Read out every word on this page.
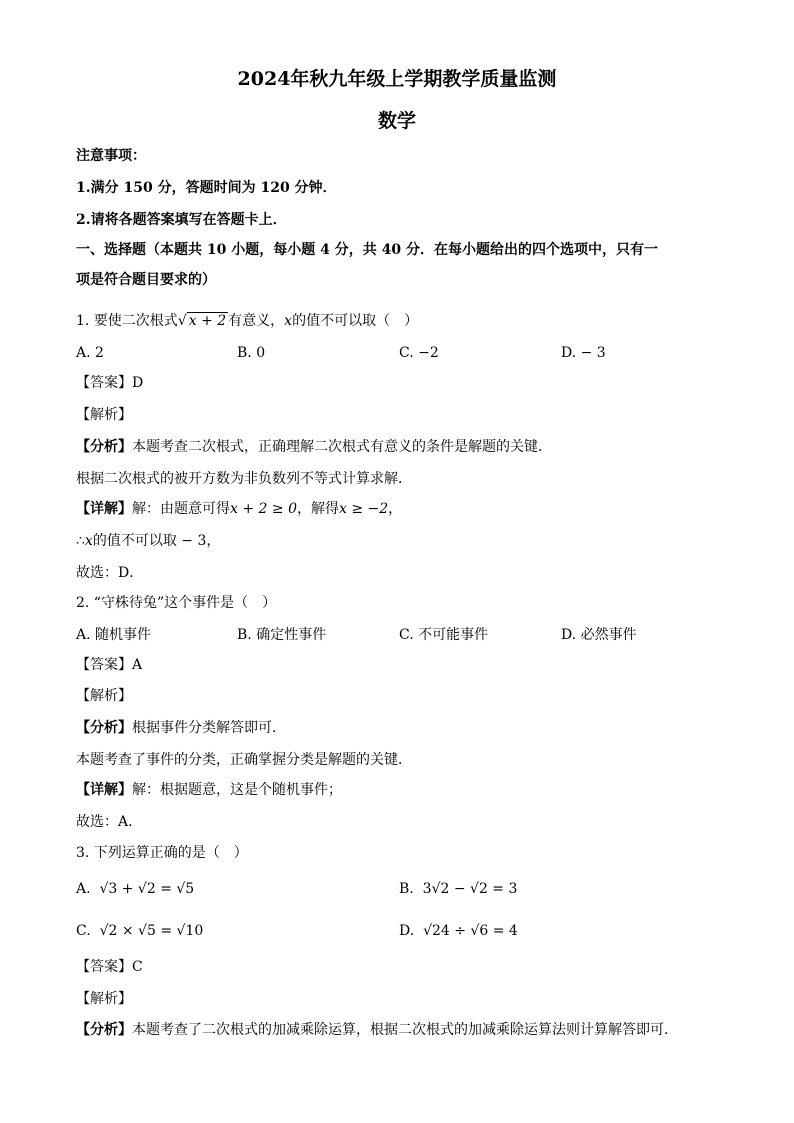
2024年秋九年级上学期教学质量监测
数学
注意事项：
1.满分 150 分，答题时间为 120 分钟．
2.请将各题答案填写在答题卡上．
一、选择题（本题共 10 小题，每小题 4 分，共 40 分．在每小题给出的四个选项中，只有一
项是符合题目要求的）
1. 要使二次根式√ x + 2 有意义，x的值不可以取（　）
A. 2	B. 0	C. −2	D. − 3
【答案】D
【解析】
【分析】本题考查二次根式，正确理解二次根式有意义的条件是解题的关键．
根据二次根式的被开方数为非负数列不等式计算求解．
【详解】解：由题意可得x + 2 ≥ 0，解得x ≥ −2，
∴x的值不可以取 − 3，
故选：D．
2. “守株待兔”这个事件是（　）
A. 随机事件	B. 确定性事件	C. 不可能事件	D. 必然事件
【答案】A
【解析】
【分析】根据事件分类解答即可．
本题考查了事件的分类，正确掌握分类是解题的关键．
【详解】解：根据题意，这是个随机事件；
故选：A．
3. 下列运算正确的是（　）
A. √3 + √2 = √5	B. 3√2 − √2 = 3
C. √2 × √5 = √10	D. √24 ÷ √6 = 4
【答案】C
【解析】
【分析】本题考查了二次根式的加减乘除运算，根据二次根式的加减乘除运算法则计算解答即可．
